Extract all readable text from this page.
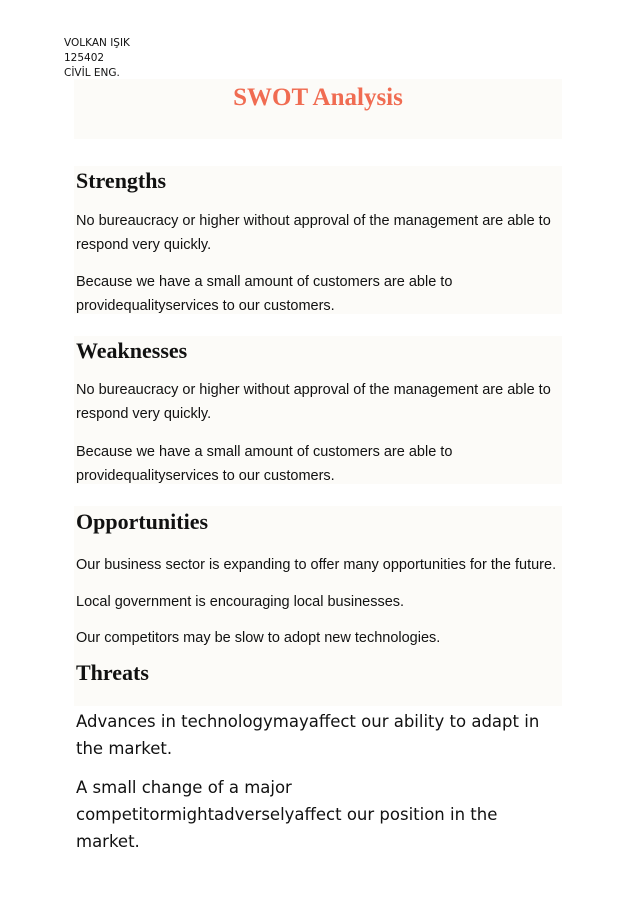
VOLKAN IŞIK
125402
CİVİL ENG.
SWOT Analysis
Strengths

No bureaucracy or higher without approval of the management are able to respond very quickly.

Because we have a small amount of customers are able to providequalityservices to our customers.

Weaknesses

No bureaucracy or higher without approval of the management are able to respond very quickly.

Because we have a small amount of customers are able to providequalityservices to our customers.

Opportunities

Our business sector is expanding to offer many opportunities for the future.

Local government is encouraging local businesses.

Our competitors may be slow to adopt new technologies.

Threats

Advances in technologymayaffect our ability to adapt in the market.

A small change of a major competitormightadverselyaffect our position in the market.
